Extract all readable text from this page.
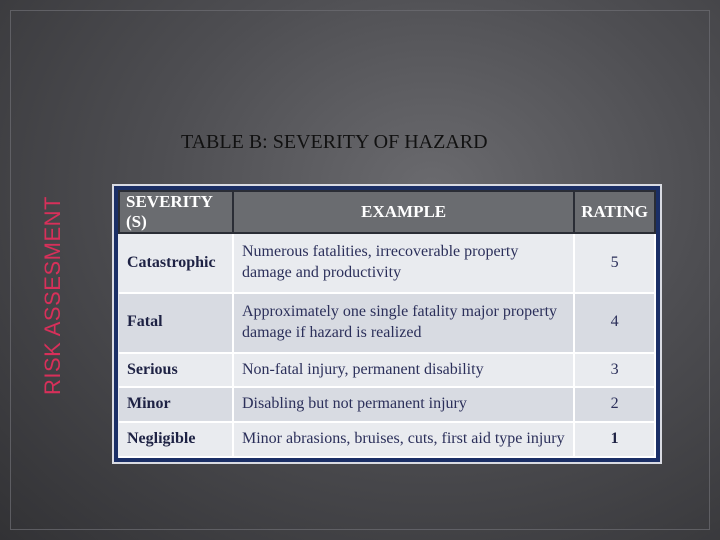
RISK ASSESMENT
TABLE B: SEVERITY OF HAZARD
SEVERITY (S)	EXAMPLE	RATING
Catastrophic	Numerous fatalities, irrecoverable property damage and productivity	5
Fatal	Approximately one single fatality major property damage if hazard is realized	4
Serious	Non-fatal injury, permanent disability	3
Minor	Disabling but not permanent injury	2
Negligible	Minor abrasions, bruises, cuts, first aid type injury	1
